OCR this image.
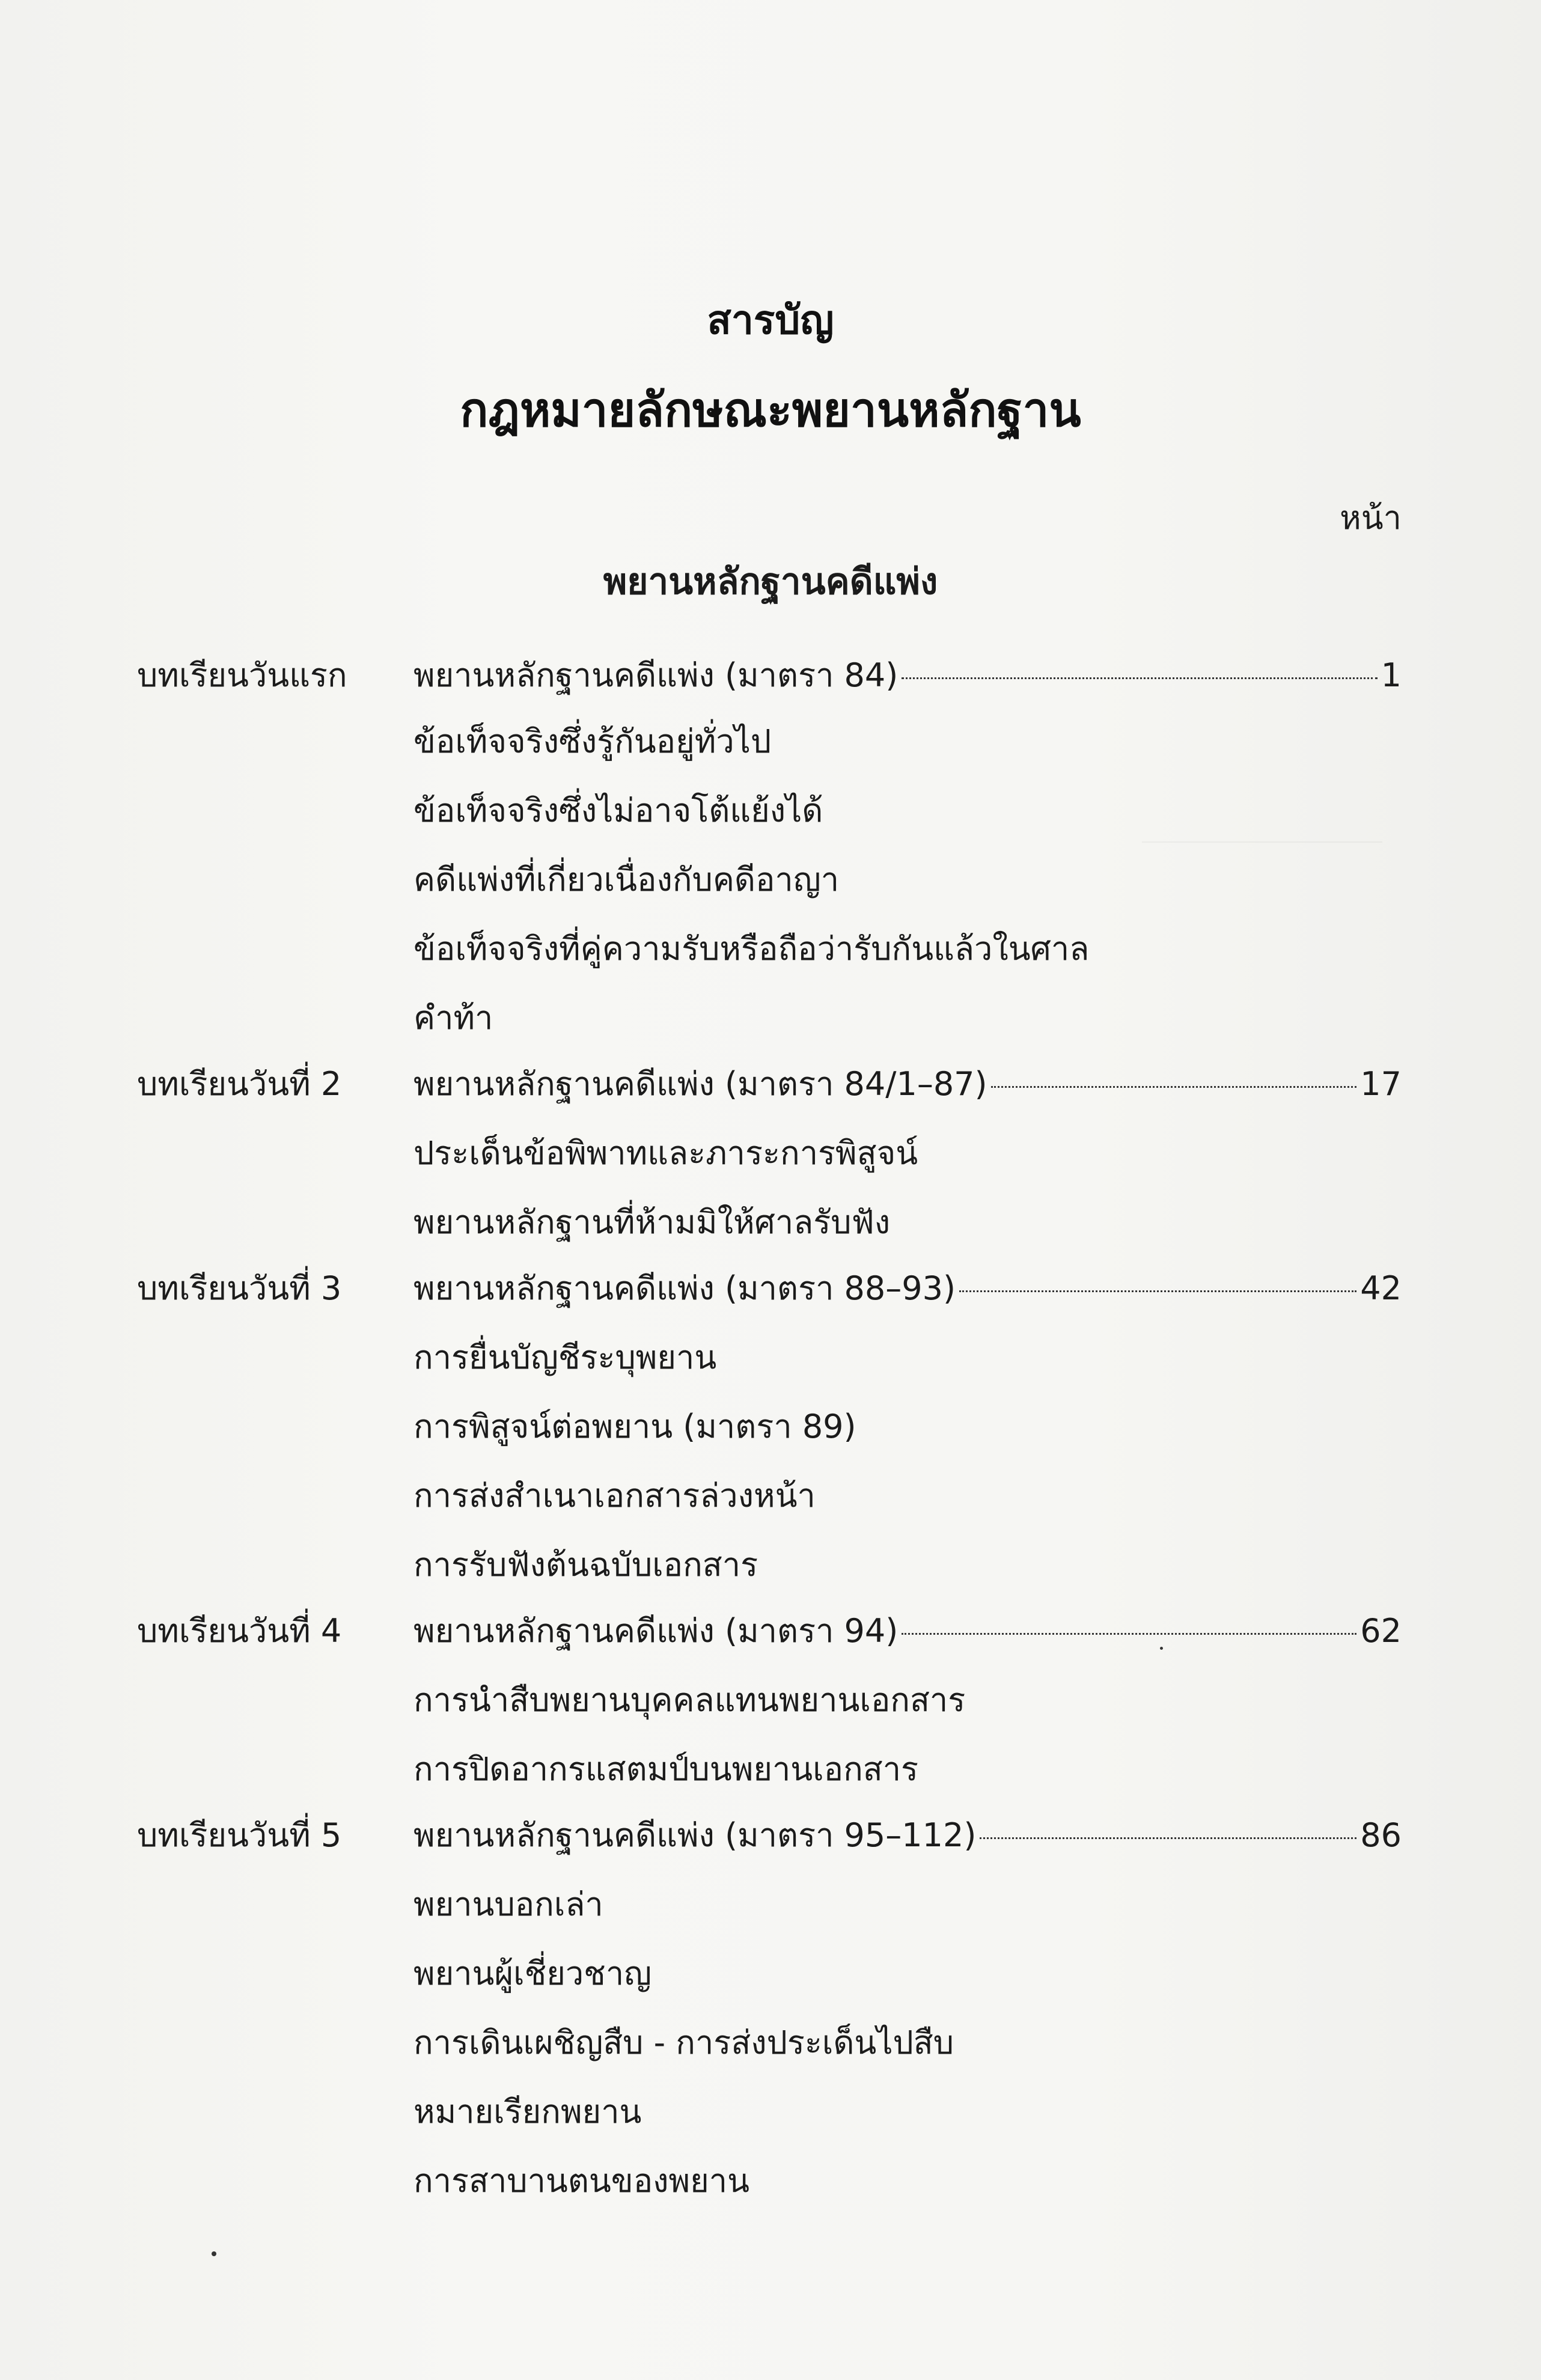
สารบัญ
กฎหมายลักษณะพยานหลักฐาน
หน้า
พยานหลักฐานคดีแพ่ง
บทเรียนวันแรก พยานหลักฐานคดีแพ่ง (มาตรา 84)	1
ข้อเท็จจริงซึ่งรู้กันอยู่ทั่วไป
ข้อเท็จจริงซึ่งไม่อาจโต้แย้งได้
คดีแพ่งที่เกี่ยวเนื่องกับคดีอาญา
ข้อเท็จจริงที่คู่ความรับหรือถือว่ารับกันแล้วในศาล
คำท้า
บทเรียนวันที่ 2 พยานหลักฐานคดีแพ่ง (มาตรา 84/1–87)	17
ประเด็นข้อพิพาทและภาระการพิสูจน์
พยานหลักฐานที่ห้ามมิให้ศาลรับฟัง
บทเรียนวันที่ 3 พยานหลักฐานคดีแพ่ง (มาตรา 88–93)	42
การยื่นบัญชีระบุพยาน
การพิสูจน์ต่อพยาน (มาตรา 89)
การส่งสำเนาเอกสารล่วงหน้า
การรับฟังต้นฉบับเอกสาร
บทเรียนวันที่ 4 พยานหลักฐานคดีแพ่ง (มาตรา 94)	62
การนำสืบพยานบุคคลแทนพยานเอกสาร
การปิดอากรแสตมป์บนพยานเอกสาร
บทเรียนวันที่ 5 พยานหลักฐานคดีแพ่ง (มาตรา 95–112)	86
พยานบอกเล่า
พยานผู้เชี่ยวชาญ
การเดินเผชิญสืบ - การส่งประเด็นไปสืบ
หมายเรียกพยาน
การสาบานตนของพยาน
